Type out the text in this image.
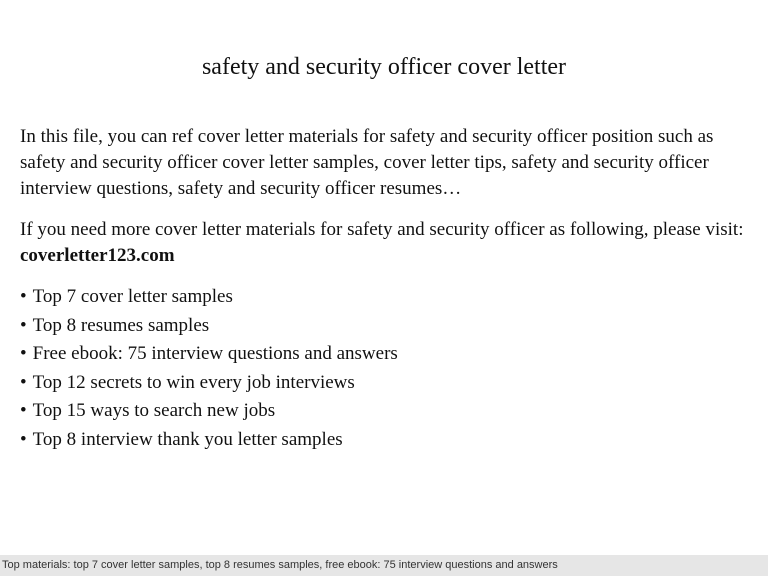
safety and security officer cover letter

In this file, you can ref cover letter materials for safety and security officer position such as safety and security officer cover letter samples, cover letter tips, safety and security officer interview questions, safety and security officer resumes…

If you need more cover letter materials for safety and security officer as following, please visit: coverletter123.com

• Top 7 cover letter samples
• Top 8 resumes samples
• Free ebook: 75 interview questions and answers
• Top 12 secrets to win every job interviews
• Top 15 ways to search new jobs
• Top 8 interview thank you letter samples
Top materials: top 7 cover letter samples, top 8 resumes samples, free ebook: 75 interview questions and answers
